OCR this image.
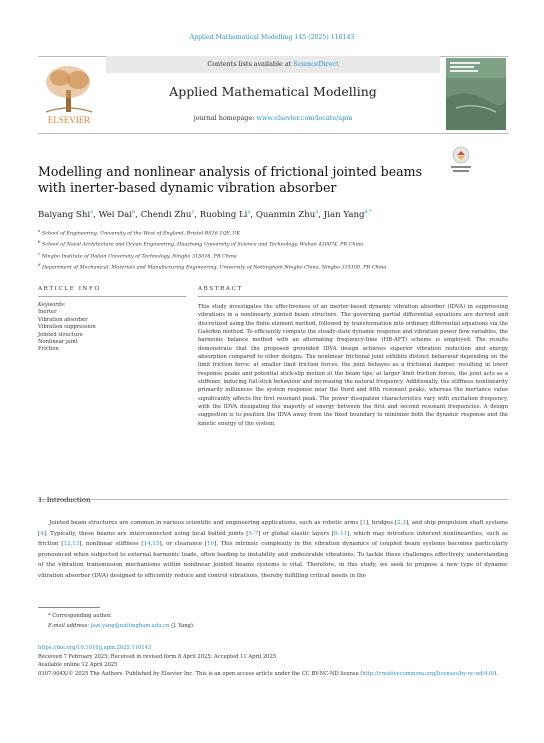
Applied Mathematical Modelling 145 (2025) 116143
ELSEVIER
Contents lists available at ScienceDirect
Applied Mathematical Modelling
journal homepage: www.elsevier.com/locate/apm
Modelling and nonlinear analysis of frictional jointed beams with inerter-based dynamic vibration absorber
Baiyang Shi$^a$, Wei Dai$^b$, Chendi Zhu$^c$, Ruobing Li$^a$, Quanmin Zhu$^a$, Jian Yang$^{d,*}$
$^a$ School of Engineering, University of the West of England, Bristol BS16 1QY, UK
$^b$ School of Naval Architecture and Ocean Engineering, Huazhong University of Science and Technology, Wuhan 430074, PR China
$^c$ Ningbo Institute of Dalian University of Technology, Ningbo 315016, PR China
$^d$ Department of Mechanical, Materials and Manufacturing Engineering, University of Nottingham Ningbo China, Ningbo 315100, PR China
ARTICLE INFO	ABSTRACT
Keywords:
Inerter
Vibration absorber
Vibration suppression
Jointed structure
Nonlinear joint
Friction
This study investigates the effectiveness of an inerter-based dynamic vibration absorber (IDVA) in suppressing vibrations in a nonlinearly jointed beam structure. The governing partial differential equations are derived and discretized using the finite element method, followed by transformation into ordinary differential equations via the Galerkin method. To efficiently compute the steady-state dynamic response and vibration power flow variables, the harmonic balance method with an alternating frequency-time (HB-AFT) scheme is employed. The results demonstrate that the proposed grounded IDVA design achieves superior vibration reduction and energy absorption compared to other designs. The nonlinear frictional joint exhibits distinct behaviour depending on the limit friction force: at smaller limit friction forces, the joint behaves as a frictional damper, resulting in lower response peaks and potential stick-slip motion at the beam tips; at larger limit friction forces, the joint acts as a stiffener, inducing full-stick behaviour and increasing the natural frequency. Additionally, the stiffness nonlinearity primarily influences the system response near the third and fifth resonant peaks, whereas the inertance value significantly affects the first resonant peak. The power dissipation characteristics vary with excitation frequency, with the IDVA dissipating the majority of energy between the first and second resonant frequencies. A design suggestion is to position the IDVA away from the fixed boundary to minimize both the dynamic response and the kinetic energy of the system.
1. Introduction
  Jointed beam structures are common in various scientific and engineering applications, such as robotic arms [1], bridges [2,3], and ship propulsion shaft systems [4]. Typically, these beams are interconnected using local bolted joints [5–7] or global elastic layers [8–11], which may introduce inherent nonlinearities, such as friction [12,13], nonlinear stiffness [14,15], or clearance [16]. This intrinsic complexity in the vibration dynamics of coupled beam systems becomes particularly pronounced when subjected to external harmonic loads, often leading to instability and undesirable vibrations. To tackle these challenges effectively, understanding of the vibration transmission mechanisms within nonlinear jointed beams systems is vital. Therefore, in this study, we seek to propose a new type of dynamic vibration absorber (DVA) designed to efficiently reduce and control vibrations, thereby fulfilling critical needs in the
* Corresponding author.
E-mail address: jian.yang@nottingham.edu.cn (J. Yang).
https://doi.org/10.1016/j.apm.2025.116143
Received 7 February 2025; Received in revised form 8 April 2025; Accepted 11 April 2025
Available online 12 April 2025
0307-904X/© 2025 The Authors. Published by Elsevier Inc. This is an open access article under the CC BY-NC-ND license (http://creativecommons.org/licenses/by-nc-nd/4.0/).
